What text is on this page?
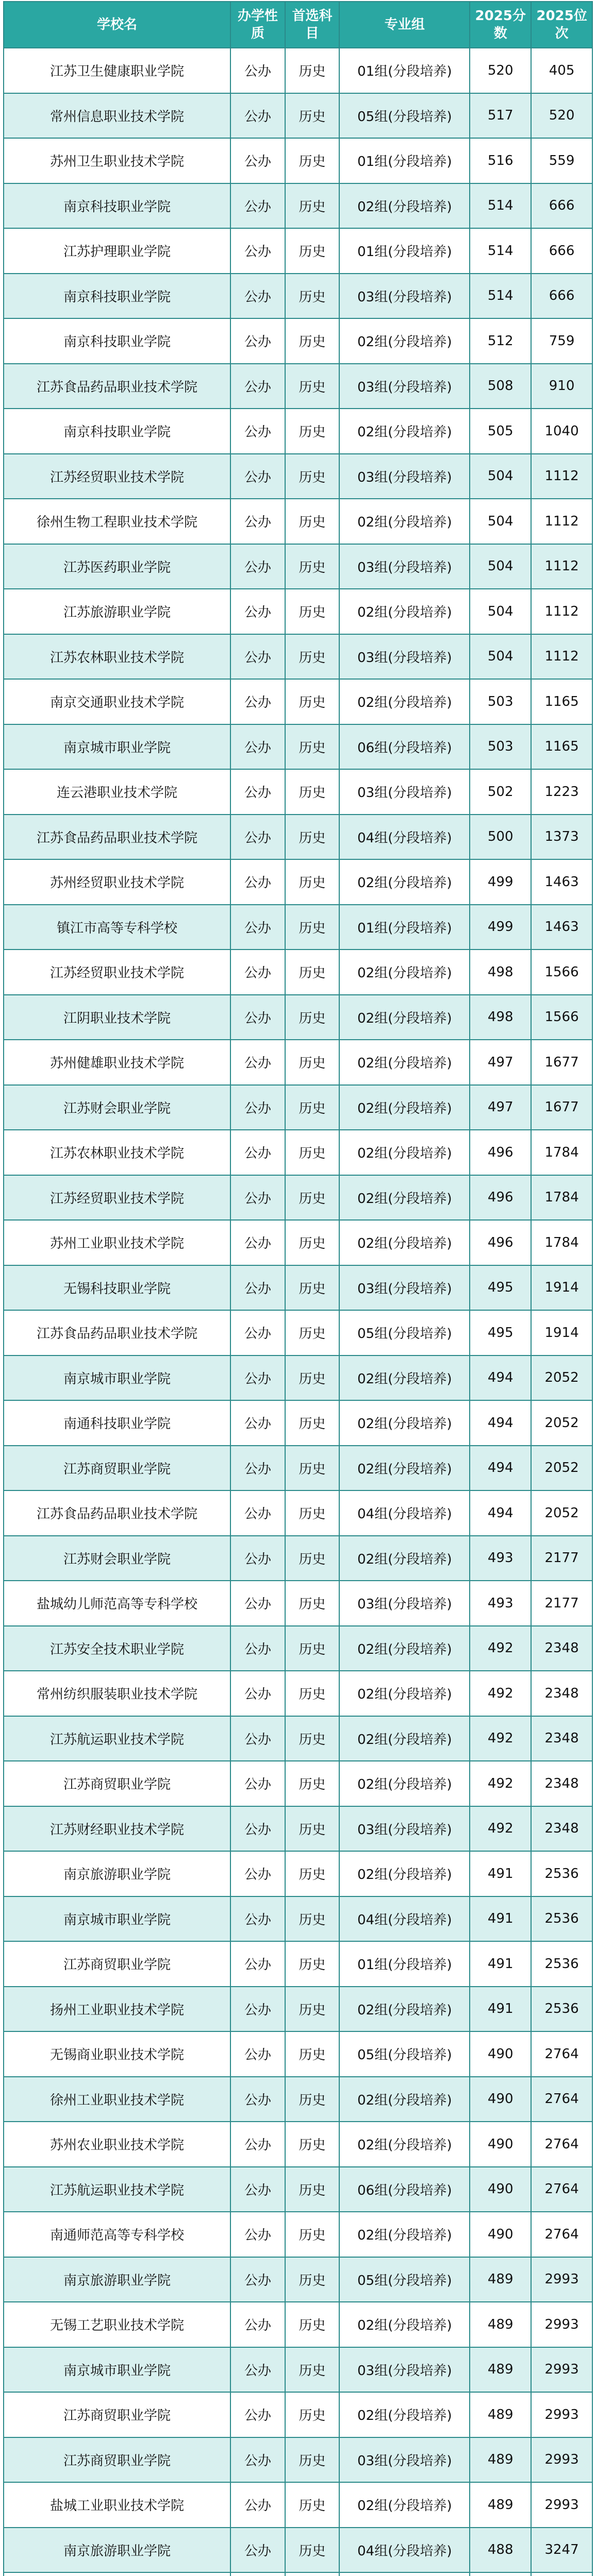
学校名	办学性质	首选科目	专业组	2025分数	2025位次
江苏卫生健康职业学院	公办	历史	01组(分段培养)	520	405
常州信息职业技术学院	公办	历史	05组(分段培养)	517	520
苏州卫生职业技术学院	公办	历史	01组(分段培养)	516	559
南京科技职业学院	公办	历史	02组(分段培养)	514	666
江苏护理职业学院	公办	历史	01组(分段培养)	514	666
南京科技职业学院	公办	历史	03组(分段培养)	514	666
南京科技职业学院	公办	历史	02组(分段培养)	512	759
江苏食品药品职业技术学院	公办	历史	03组(分段培养)	508	910
南京科技职业学院	公办	历史	02组(分段培养)	505	1040
江苏经贸职业技术学院	公办	历史	03组(分段培养)	504	1112
徐州生物工程职业技术学院	公办	历史	02组(分段培养)	504	1112
江苏医药职业学院	公办	历史	03组(分段培养)	504	1112
江苏旅游职业学院	公办	历史	02组(分段培养)	504	1112
江苏农林职业技术学院	公办	历史	03组(分段培养)	504	1112
南京交通职业技术学院	公办	历史	02组(分段培养)	503	1165
南京城市职业学院	公办	历史	06组(分段培养)	503	1165
连云港职业技术学院	公办	历史	03组(分段培养)	502	1223
江苏食品药品职业技术学院	公办	历史	04组(分段培养)	500	1373
苏州经贸职业技术学院	公办	历史	02组(分段培养)	499	1463
镇江市高等专科学校	公办	历史	01组(分段培养)	499	1463
江苏经贸职业技术学院	公办	历史	02组(分段培养)	498	1566
江阴职业技术学院	公办	历史	02组(分段培养)	498	1566
苏州健雄职业技术学院	公办	历史	02组(分段培养)	497	1677
江苏财会职业学院	公办	历史	02组(分段培养)	497	1677
江苏农林职业技术学院	公办	历史	02组(分段培养)	496	1784
江苏经贸职业技术学院	公办	历史	02组(分段培养)	496	1784
苏州工业职业技术学院	公办	历史	02组(分段培养)	496	1784
无锡科技职业学院	公办	历史	03组(分段培养)	495	1914
江苏食品药品职业技术学院	公办	历史	05组(分段培养)	495	1914
南京城市职业学院	公办	历史	02组(分段培养)	494	2052
南通科技职业学院	公办	历史	02组(分段培养)	494	2052
江苏商贸职业学院	公办	历史	02组(分段培养)	494	2052
江苏食品药品职业技术学院	公办	历史	04组(分段培养)	494	2052
江苏财会职业学院	公办	历史	02组(分段培养)	493	2177
盐城幼儿师范高等专科学校	公办	历史	03组(分段培养)	493	2177
江苏安全技术职业学院	公办	历史	02组(分段培养)	492	2348
常州纺织服装职业技术学院	公办	历史	02组(分段培养)	492	2348
江苏航运职业技术学院	公办	历史	02组(分段培养)	492	2348
江苏商贸职业学院	公办	历史	02组(分段培养)	492	2348
江苏财经职业技术学院	公办	历史	03组(分段培养)	492	2348
南京旅游职业学院	公办	历史	02组(分段培养)	491	2536
南京城市职业学院	公办	历史	04组(分段培养)	491	2536
江苏商贸职业学院	公办	历史	01组(分段培养)	491	2536
扬州工业职业技术学院	公办	历史	02组(分段培养)	491	2536
无锡商业职业技术学院	公办	历史	05组(分段培养)	490	2764
徐州工业职业技术学院	公办	历史	02组(分段培养)	490	2764
苏州农业职业技术学院	公办	历史	02组(分段培养)	490	2764
江苏航运职业技术学院	公办	历史	06组(分段培养)	490	2764
南通师范高等专科学校	公办	历史	02组(分段培养)	490	2764
南京旅游职业学院	公办	历史	05组(分段培养)	489	2993
无锡工艺职业技术学院	公办	历史	02组(分段培养)	489	2993
南京城市职业学院	公办	历史	03组(分段培养)	489	2993
江苏商贸职业学院	公办	历史	02组(分段培养)	489	2993
江苏商贸职业学院	公办	历史	03组(分段培养)	489	2993
盐城工业职业技术学院	公办	历史	02组(分段培养)	489	2993
南京旅游职业学院	公办	历史	04组(分段培养)	488	3247
